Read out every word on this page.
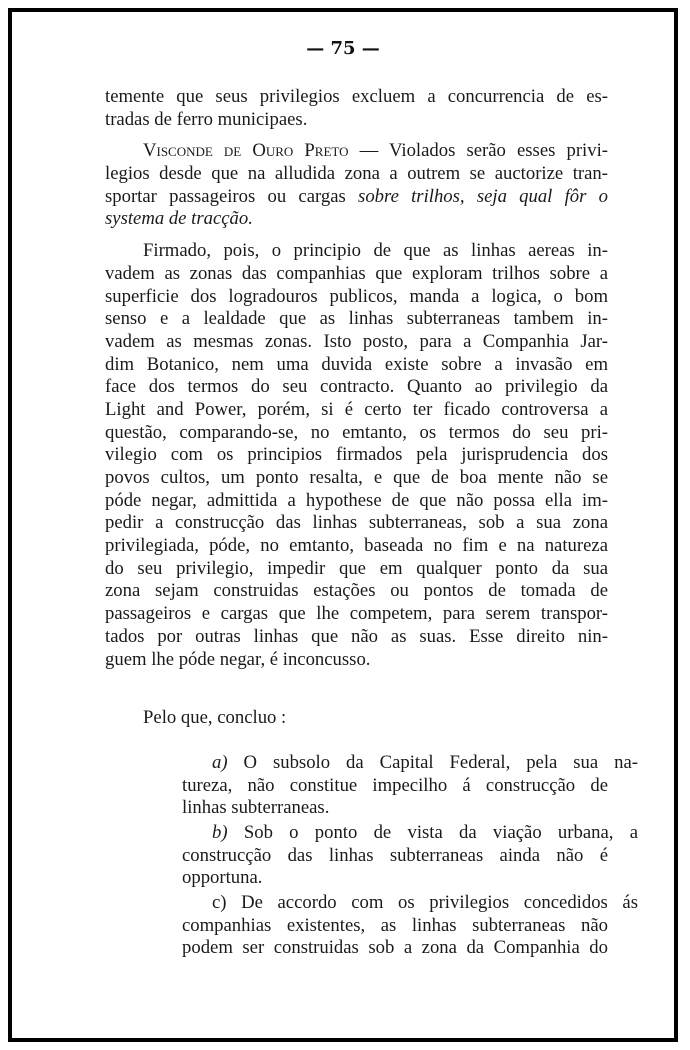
— 75 —
temente que seus privilegios excluem a concurrencia de es-
tradas de ferro municipaes.
Visconde de Ouro Preto — Violados serão esses privi-
legios desde que na alludida zona a outrem se auctorize tran-
sportar passageiros ou cargas sobre trilhos, seja qual fôr o
systema de tracção.
Firmado, pois, o principio de que as linhas aereas in-
vadem as zonas das companhias que exploram trilhos sobre a
superficie dos logradouros publicos, manda a logica, o bom
senso e a lealdade que as linhas subterraneas tambem in-
vadem as mesmas zonas. Isto posto, para a Companhia Jar-
dim Botanico, nem uma duvida existe sobre a invasão em
face dos termos do seu contracto. Quanto ao privilegio da
Light and Power, porém, si é certo ter ficado controversa a
questão, comparando-se, no emtanto, os termos do seu pri-
vilegio com os principios firmados pela jurisprudencia dos
povos cultos, um ponto resalta, e que de boa mente não se
póde negar, admittida a hypothese de que não possa ella im-
pedir a construcção das linhas subterraneas, sob a sua zona
privilegiada, póde, no emtanto, baseada no fim e na natureza
do seu privilegio, impedir que em qualquer ponto da sua
zona sejam construidas estações ou pontos de tomada de
passageiros e cargas que lhe competem, para serem transpor-
tados por outras linhas que não as suas. Esse direito nin-
guem lhe póde negar, é inconcusso.
Pelo que, concluo :
a) O subsolo da Capital Federal, pela sua na-
tureza, não constitue impecilho á construcção de
linhas subterraneas.
b) Sob o ponto de vista da viação urbana, a
construcção das linhas subterraneas ainda não é
opportuna.
c) De accordo com os privilegios concedidos ás
companhias existentes, as linhas subterraneas não
podem ser construidas sob a zona da Companhia do
